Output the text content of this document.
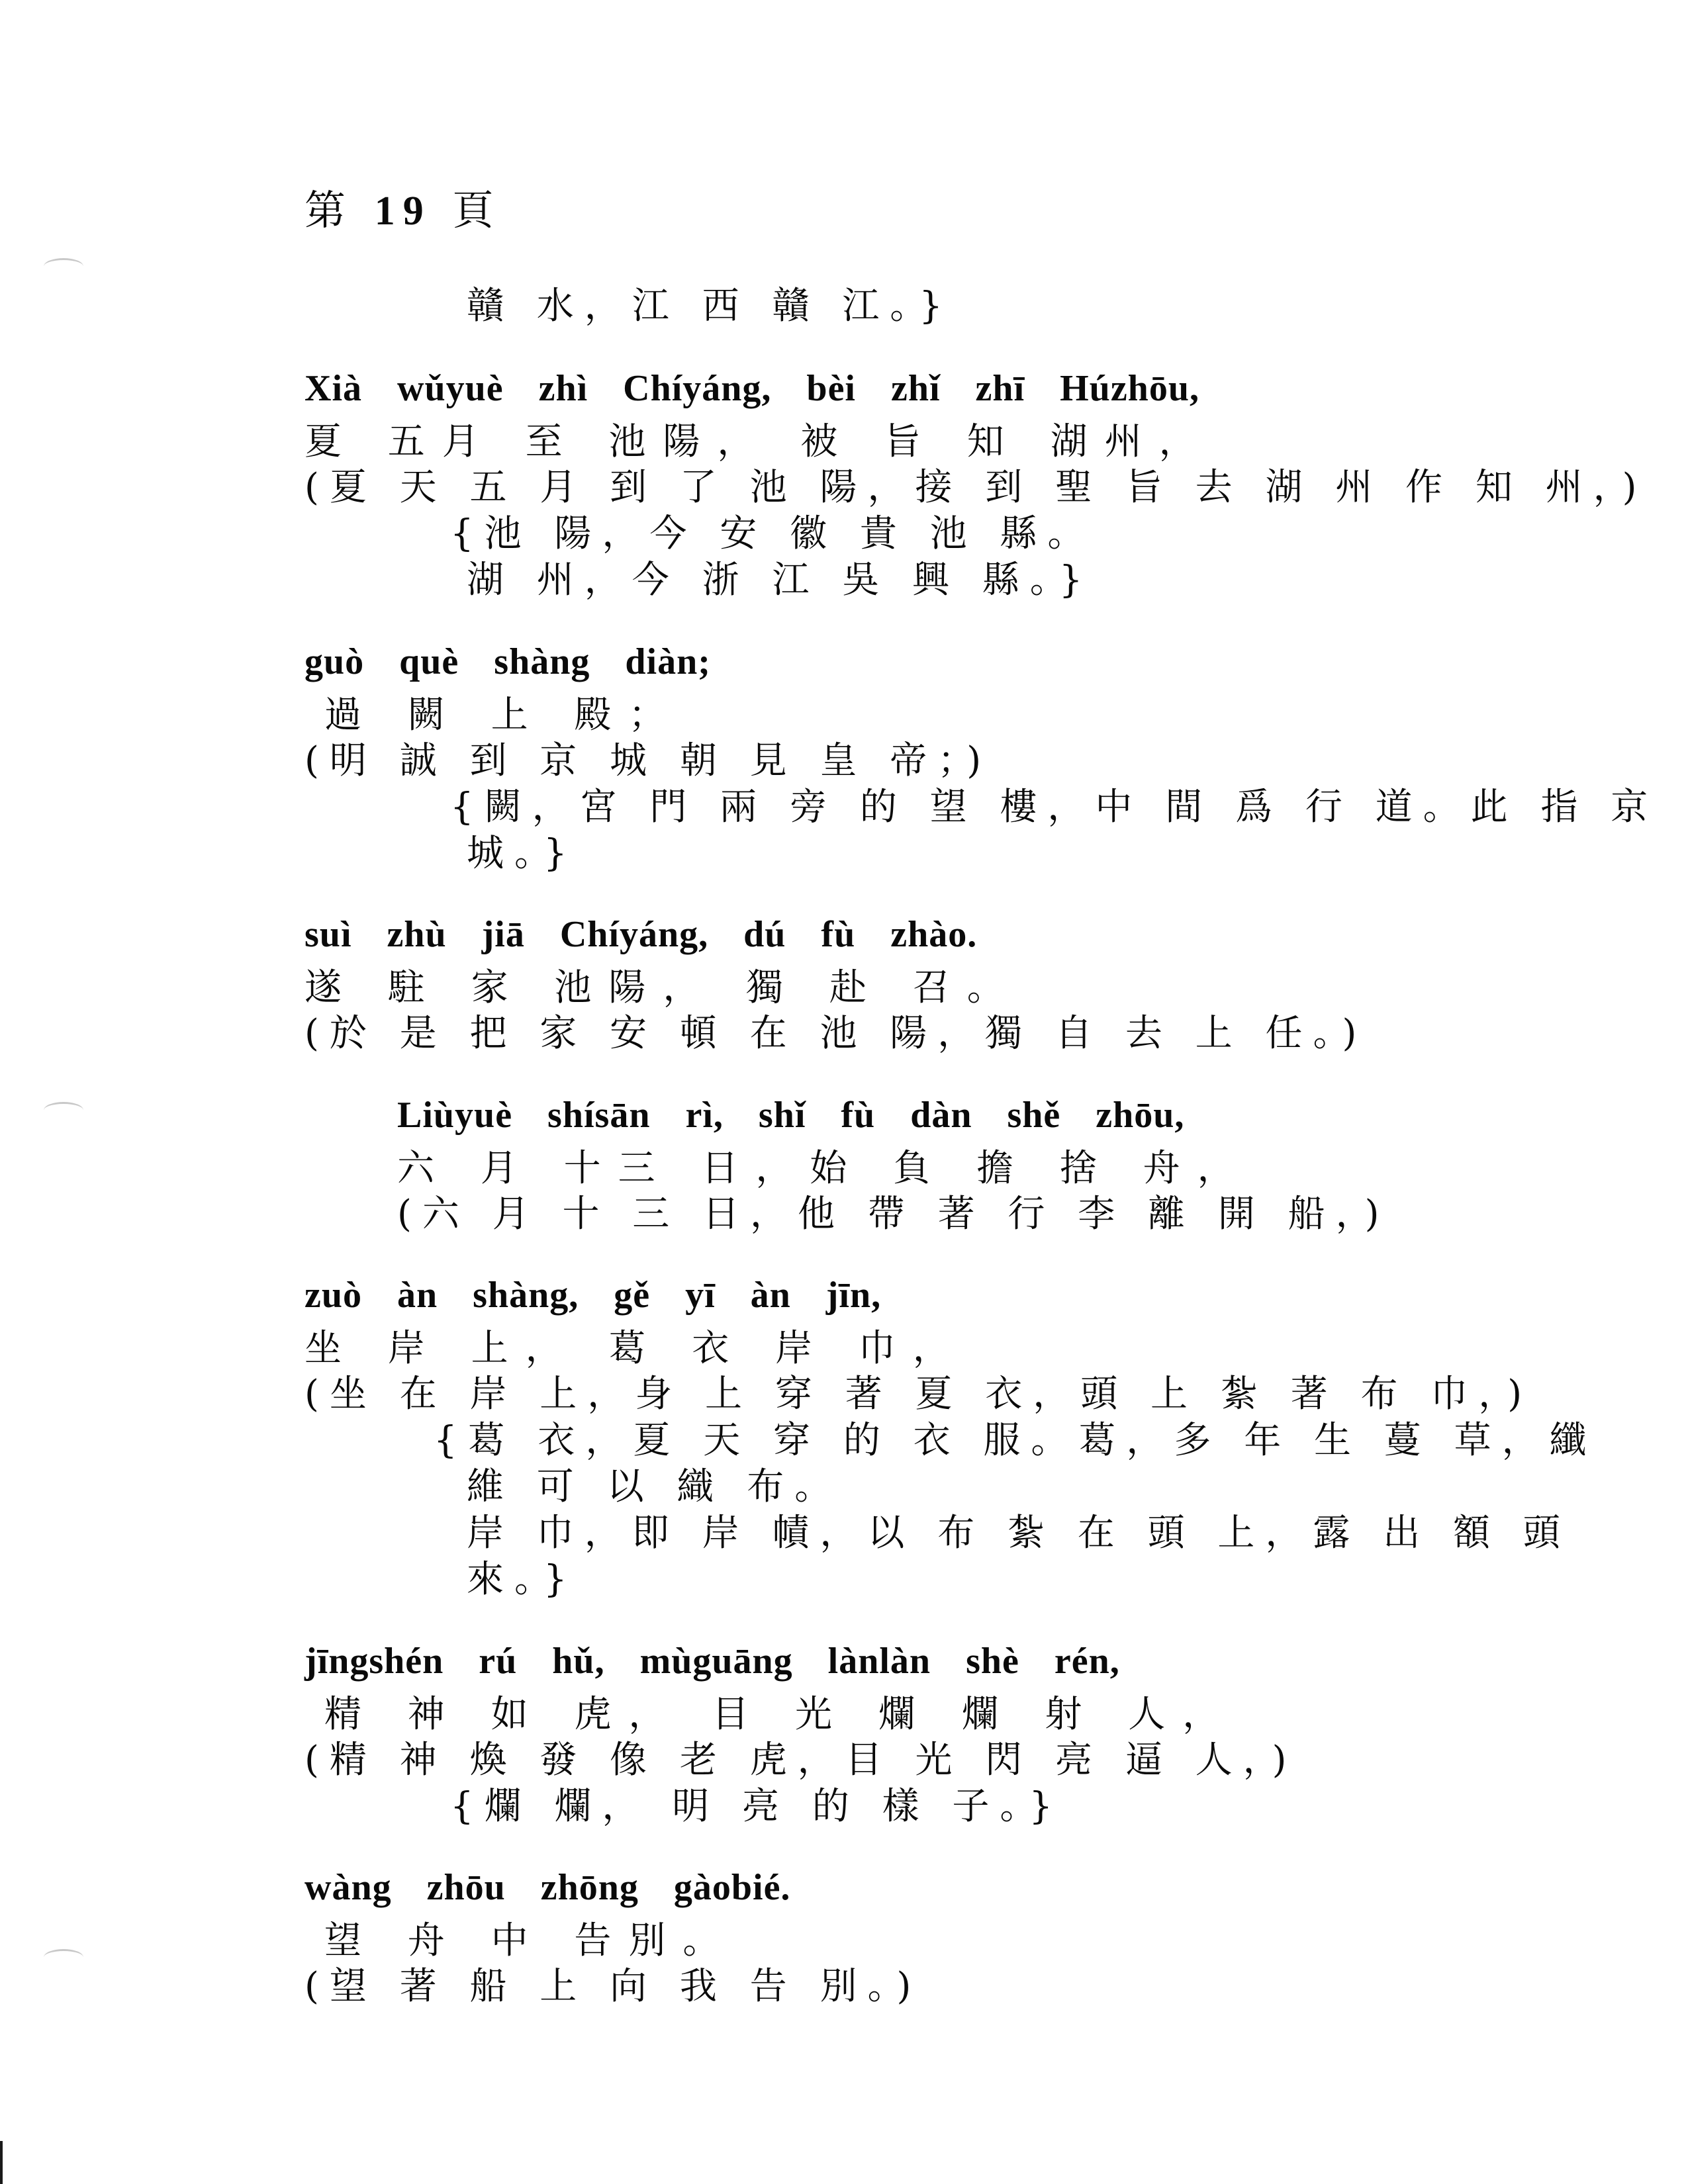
第 19 頁
贛 水，江 西 贛 江。}
Xià wǔyuè zhì Chíyáng, bèi zhǐ zhī Húzhōu,
夏 五月 至 池陽， 被 旨 知 湖州，
(夏 天 五 月 到 了 池 陽，接 到 聖 旨 去 湖 州 作 知 州，)
{池 陽，今 安 徽 貴 池 縣。
湖 州，今 浙 江 吳 興 縣。}
guò què shàng diàn;
過 闕 上 殿；
(明 誠 到 京 城 朝 見 皇 帝；)
{闕，宮 門 兩 旁 的 望 樓，中 間 爲 行 道。此 指 京
城。}
suì zhù jiā Chíyáng, dú fù zhào.
遂 駐 家 池陽， 獨 赴 召。
(於 是 把 家 安 頓 在 池 陽，獨 自 去 上 任。)
Liùyuè shísān rì, shǐ fù dàn shě zhōu,
六 月 十三 日，始 負 擔 捨 舟，
(六 月 十 三 日，他 帶 著 行 李 離 開 船，)
zuò àn shàng, gě yī àn jīn,
坐 岸 上， 葛 衣 岸 巾，
(坐 在 岸 上，身 上 穿 著 夏 衣，頭 上 紮 著 布 巾，)
{葛 衣，夏 天 穿 的 衣 服。葛，多 年 生 蔓 草，纖
維 可 以 織 布。
岸 巾，即 岸 幘，以 布 紮 在 頭 上，露 出 額 頭
來。}
jīngshén rú hǔ, mùguāng lànlàn shè rén,
精 神 如 虎， 目 光 爛 爛 射 人，
(精 神 煥 發 像 老 虎，目 光 閃 亮 逼 人，)
{爛 爛， 明 亮 的 樣 子。}
wàng zhōu zhōng gàobié.
望 舟 中 告別。
(望 著 船 上 向 我 告 別。)
